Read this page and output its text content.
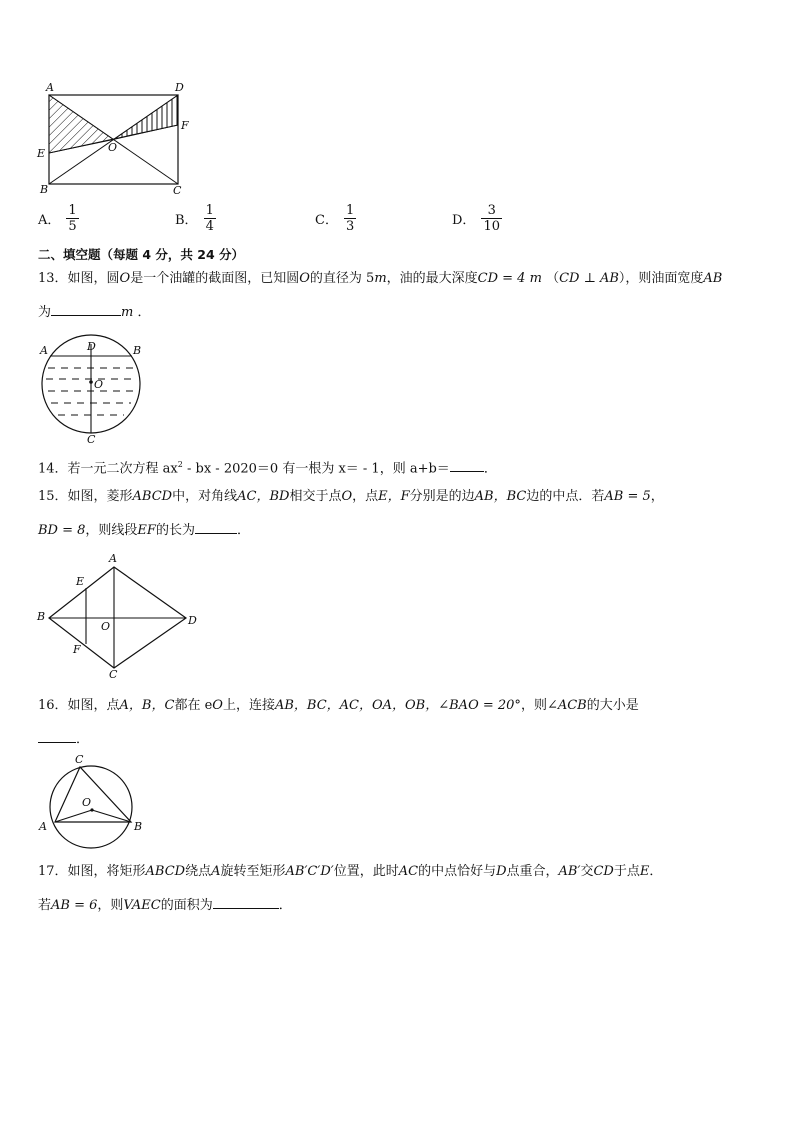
A	D
E
F
O
B	C
A． $\frac{1}{5}$	B． $\frac{1}{4}$	C． $\frac{1}{3}$	D． $\frac{3}{10}$
二、填空题（每题 4 分，共 24 分）
13．如图，圆O是一个油罐的截面图，已知圆O的直径为 5m，油的最大深度CD = 4 m （CD ⊥ AB），则油面宽度AB
为	m ．
A	D	B
O
C
14．若一元二次方程 $ax^2$ - bx - 2020＝0 有一根为 x＝ - 1，则 a+b＝	．
15．如图，菱形ABCD中，对角线AC，BD相交于点O，点E，F分别是的边AB，BC边的中点．若AB = 5，
BD = 8，则线段EF的长为	．
A
E
B
O	D
F
C
16．如图，点A，B，C都在 eO上，连接AB，BC，AC，OA，OB，∠BAO = 20°，则∠ACB的大小是
．
C
O
A	B
17．如图，将矩形ABCD绕点A旋转至矩形AB′C′D′位置，此时AC的中点恰好与D点重合，AB′交CD于点E．
若AB = 6，则VAEC的面积为	．
